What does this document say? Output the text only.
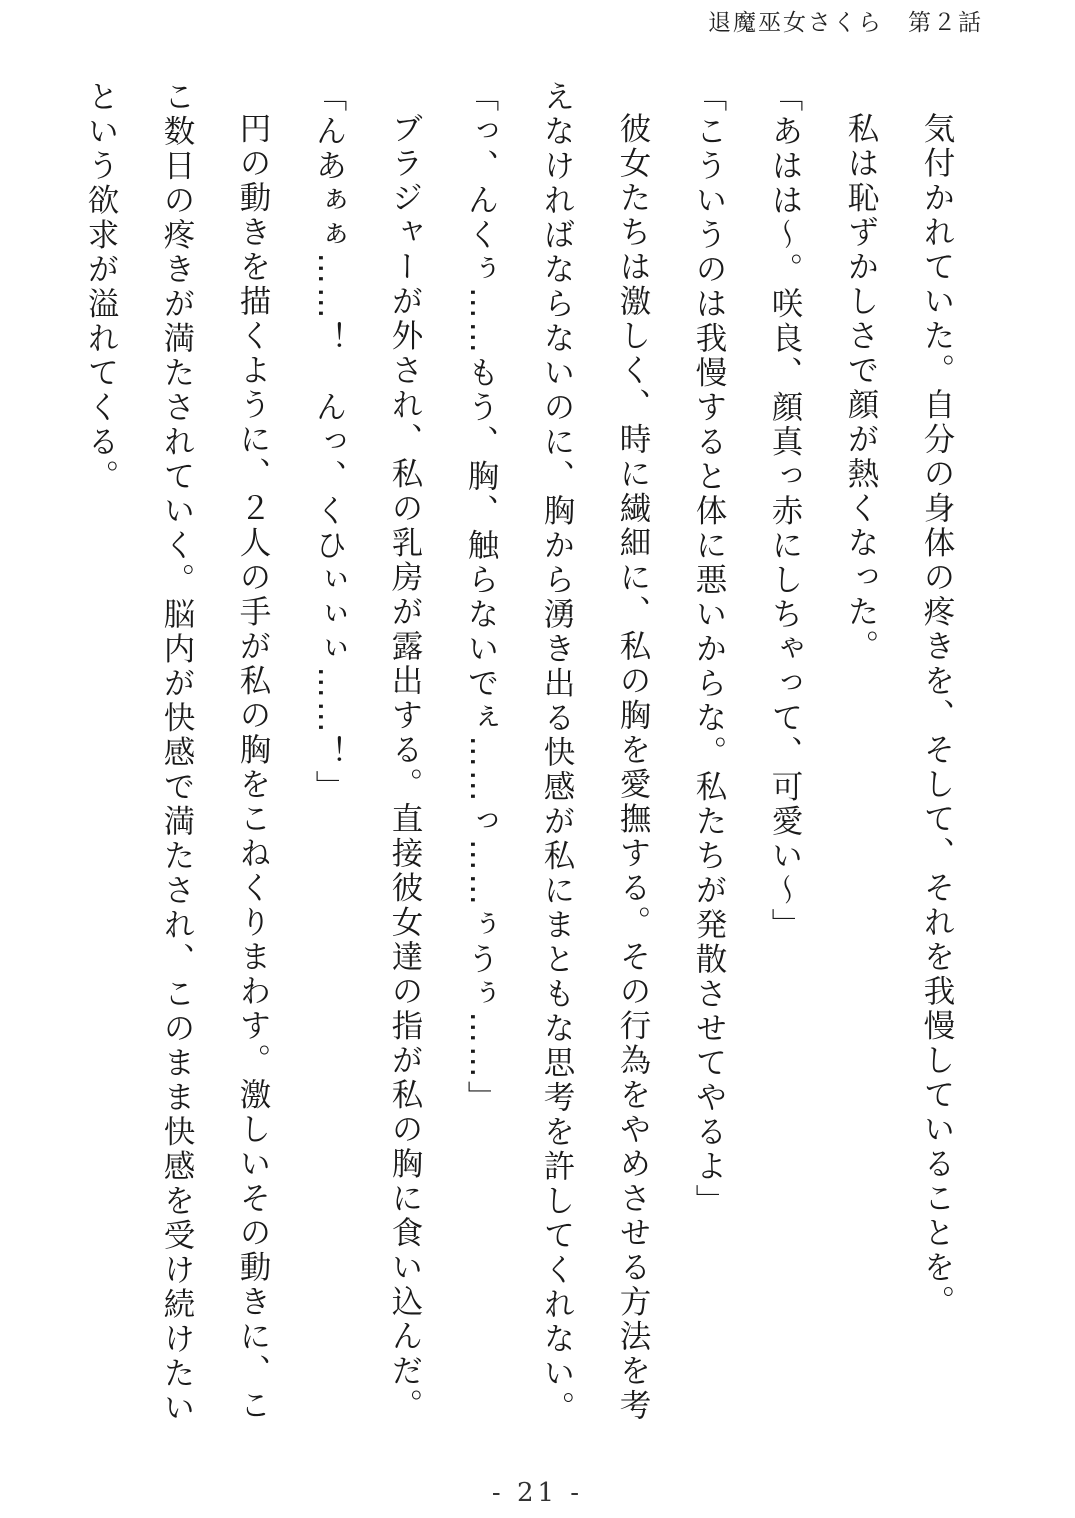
退魔巫女さくら　第２話

気付かれていた。自分の身体の疼きを、そして、それを我慢していることを。

私は恥ずかしさで顔が熱くなった。

「あはは～。咲良、顔真っ赤にしちゃって、可愛い～」

「こういうのは我慢すると体に悪いからな。私たちが発散させてやるよ」

彼女たちは激しく、時に繊細に、私の胸を愛撫する。その行為をやめさせる方法を考えなければならないのに、胸から湧き出る快感が私にまともな思考を許してくれない。

「っ、んくぅ……もう、胸、触らないでぇ……っ……ぅうぅ……」

ブラジャーが外され、私の乳房が露出する。直接彼女達の指が私の胸に食い込んだ。

「んあぁぁ……！　んっ、くひぃぃぃ……！」

円の動きを描くように、２人の手が私の胸をこねくりまわす。激しいその動きに、ここ数日の疼きが満たされていく。脳内が快感で満たされ、このまま快感を受け続けたいという欲求が溢れてくる。

- 21 -
